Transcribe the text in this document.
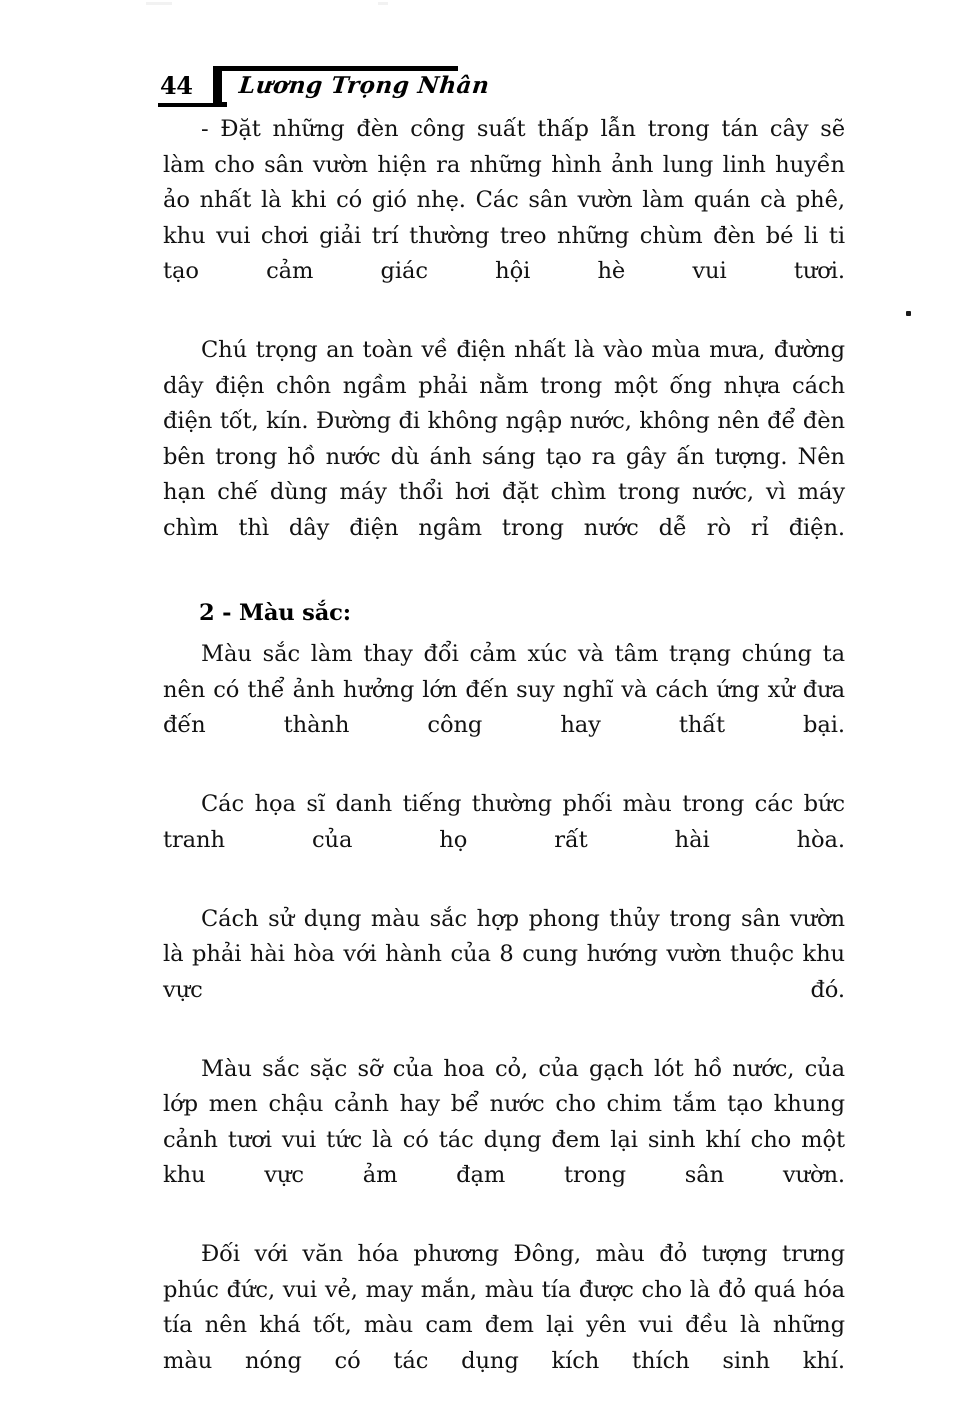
44 Lương Trọng Nhân

- Đặt những đèn công suất thấp lẫn trong tán cây sẽ làm cho sân vườn hiện ra những hình ảnh lung linh huyền ảo nhất là khi có gió nhẹ. Các sân vườn làm quán cà phê, khu vui chơi giải trí thường treo những chùm đèn bé li ti tạo cảm giác hội hè vui tươi.

Chú trọng an toàn về điện nhất là vào mùa mưa, đường dây điện chôn ngầm phải nằm trong một ống nhựa cách điện tốt, kín. Đường đi không ngập nước, không nên để đèn bên trong hồ nước dù ánh sáng tạo ra gây ấn tượng. Nên hạn chế dùng máy thổi hơi đặt chìm trong nước, vì máy chìm thì dây điện ngâm trong nước dễ rò rỉ điện.

2 - Màu sắc:

Màu sắc làm thay đổi cảm xúc và tâm trạng chúng ta nên có thể ảnh hưởng lớn đến suy nghĩ và cách ứng xử đưa đến thành công hay thất bại.

Các họa sĩ danh tiếng thường phối màu trong các bức tranh của họ rất hài hòa.

Cách sử dụng màu sắc hợp phong thủy trong sân vườn là phải hài hòa với hành của 8 cung hướng vườn thuộc khu vực đó.

Màu sắc sặc sỡ của hoa cỏ, của gạch lót hồ nước, của lớp men chậu cảnh hay bể nước cho chim tắm tạo khung cảnh tươi vui tức là có tác dụng đem lại sinh khí cho một khu vực ảm đạm trong sân vườn.

Đối với văn hóa phương Đông, màu đỏ tượng trưng phúc đức, vui vẻ, may mắn, màu tía được cho là đỏ quá hóa tía nên khá tốt, màu cam đem lại yên vui đều là những màu nóng có tác dụng kích thích sinh khí.
